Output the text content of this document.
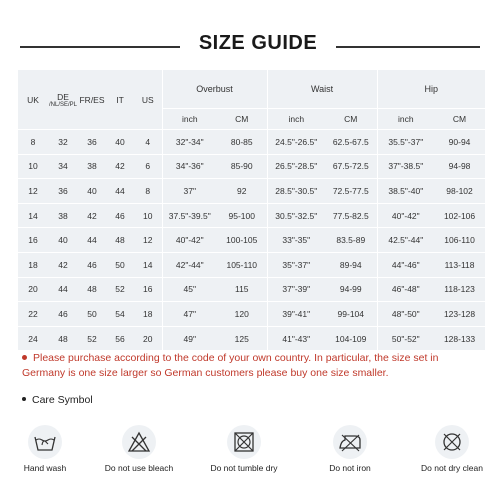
SIZE GUIDE
UK	DE
/NL/SE/PL	FR/ES	IT	US	Overbust		Waist		Hip	
					inch	CM	inch	CM	inch	CM
8	32	36	40	4	32"-34"	80-85	24.5"-26.5"	62.5-67.5	35.5"-37"	90-94
10	34	38	42	6	34"-36"	85-90	26.5"-28.5"	67.5-72.5	37"-38.5"	94-98
12	36	40	44	8	37"	92	28.5"-30.5"	72.5-77.5	38.5"-40"	98-102
14	38	42	46	10	37.5"-39.5"	95-100	30.5"-32.5"	77.5-82.5	40"-42"	102-106
16	40	44	48	12	40"-42"	100-105	33"-35"	83.5-89	42.5"-44"	106-110
18	42	46	50	14	42"-44"	105-110	35"-37"	89-94	44"-46"	113-118
20	44	48	52	16	45"	115	37"-39"	94-99	46"-48"	118-123
22	46	50	54	18	47"	120	39"-41"	99-104	48"-50"	123-128
24	48	52	56	20	49"	125	41"-43"	104-109	50"-52"	128-133
Please purchase according to the code of your own country. In particular, the size set in Germany is one size larger so German customers please buy one size smaller.
Care Symbol
Hand wash	Do not use bleach	Do not tumble dry	Do not iron	Do not dry clean
